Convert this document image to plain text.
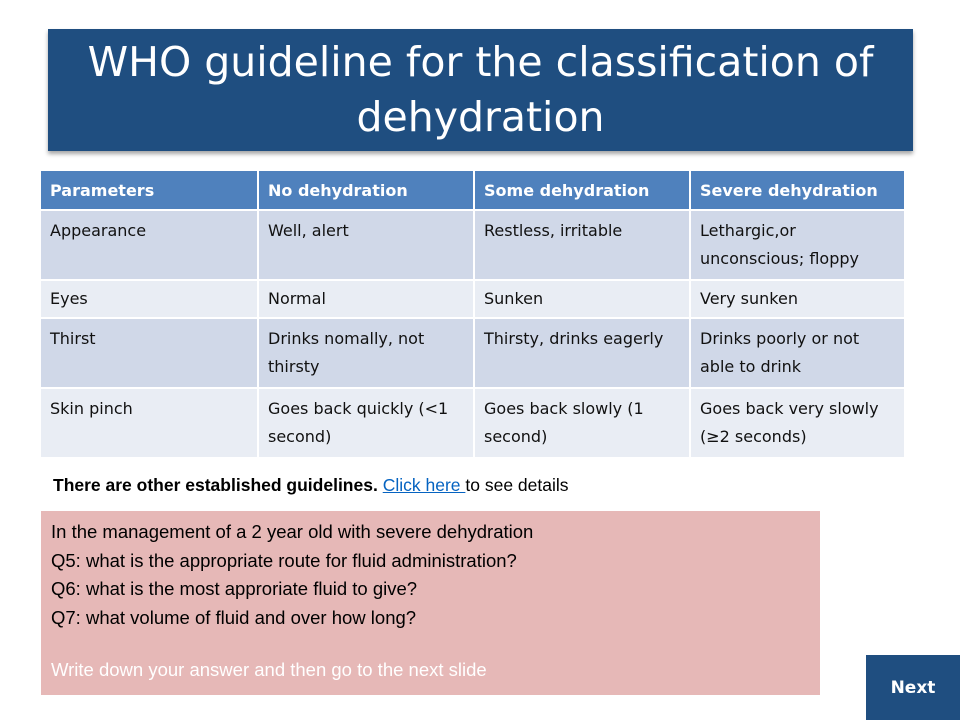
WHO guideline for the classification of dehydration
Parameters	No dehydration	Some dehydration	Severe dehydration
Appearance	Well, alert	Restless, irritable	Lethargic,or unconscious; floppy
Eyes	Normal	Sunken	Very sunken
Thirst	Drinks nomally, not thirsty	Thirsty, drinks eagerly	Drinks poorly or not able to drink
Skin pinch	Goes back quickly (<1 second)	Goes back slowly (1 second)	Goes back very slowly (≥2 seconds)
There are other established guidelines. Click here to see details
In the management of a 2 year old with severe dehydration
Q5: what is the appropriate route for fluid administration?
Q6: what is the most approriate fluid to give?
Q7: what volume of fluid and over how long?
Write down your answer and then go to the next slide
Next
